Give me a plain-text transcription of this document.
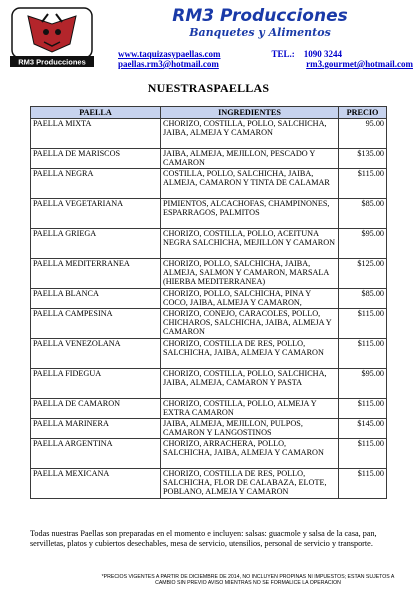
RM3 Producciones
RM3 Producciones
Banquetes y Alimentos
www.taquizasypaellas.com	TEL.: 1090 3244
paellas.rm3@hotmail.com	rm3.gourmet@hotmail.com
NUESTRASPAELLAS
PAELLA	INGREDIENTES	PRECIO
PAELLA MIXTA	CHORIZO, COSTILLA, POLLO, SALCHICHA, JAIBA, ALMEJA Y CAMARON	95.00
PAELLA DE MARISCOS	JAIBA, ALMEJA, MEJILLON, PESCADO Y CAMARON	$135.00
PAELLA NEGRA	COSTILLA, POLLO, SALCHICHA, JAIBA, ALMEJA, CAMARON Y TINTA DE CALAMAR	$115.00
PAELLA VEGETARIANA	PIMIENTOS, ALCACHOFAS, CHAMPINONES, ESPARRAGOS, PALMITOS	$85.00
PAELLA GRIEGA	CHORIZO, COSTILLA, POLLO, ACEITUNA NEGRA SALCHICHA, MEJILLON Y CAMARON	$95.00
PAELLA MEDITERRANEA	CHORIZO, POLLO, SALCHICHA, JAIBA, ALMEJA, SALMON Y CAMARON, MARSALA (HIERBA MEDITERRANEA)	$125.00
PAELLA BLANCA	CHORIZO, POLLO, SALCHICHA, PINA Y COCO, JAIBA, ALMEJA Y CAMARON,	$85.00
PAELLA CAMPESINA	CHORIZO, CONEJO, CARACOLES, POLLO, CHICHAROS, SALCHICHA, JAIBA, ALMEJA Y CAMARON	$115.00
PAELLA VENEZOLANA	CHORIZO, COSTILLA DE RES, POLLO, SALCHICHA, JAIBA, ALMEJA Y CAMARON	$115.00
PAELLA FIDEGUA	CHORIZO, COSTILLA, POLLO, SALCHICHA, JAIBA, ALMEJA, CAMARON Y PASTA	$95.00
PAELLA DE CAMARON	CHORIZO, COSTILLA, POLLO, ALMEJA Y EXTRA CAMARON	$115.00
PAELLA MARINERA	JAIBA, ALMEJA, MEJILLON, PULPOS, CAMARON Y LANGOSTINOS	$145.00
PAELLA ARGENTINA	CHORIZO, ARRACHERA, POLLO, SALCHICHA, JAIBA, ALMEJA Y CAMARON	$115.00
PAELLA MEXICANA	CHORIZO, COSTILLA DE RES, POLLO, SALCHICHA, FLOR DE CALABAZA, ELOTE, POBLANO, ALMEJA Y CAMARON	$115.00
Todas nuestras Paellas son preparadas en el momento e incluyen: salsas: guacmole y salsa de la casa, pan, servilletas, platos y cubiertos desechables, mesa de servicio, utensilios, personal de servicio y transporte.
*PRECIOS VIGENTES A PARTIR DE DICIEMBRE DE 2014, NO INCLUYEN PROPINAS NI IMPUESTOS; ESTAN SUJETOS A CAMBIO SIN PREVIO AVISO MIENTRAS NO SE FORMALICE LA OPERACION
